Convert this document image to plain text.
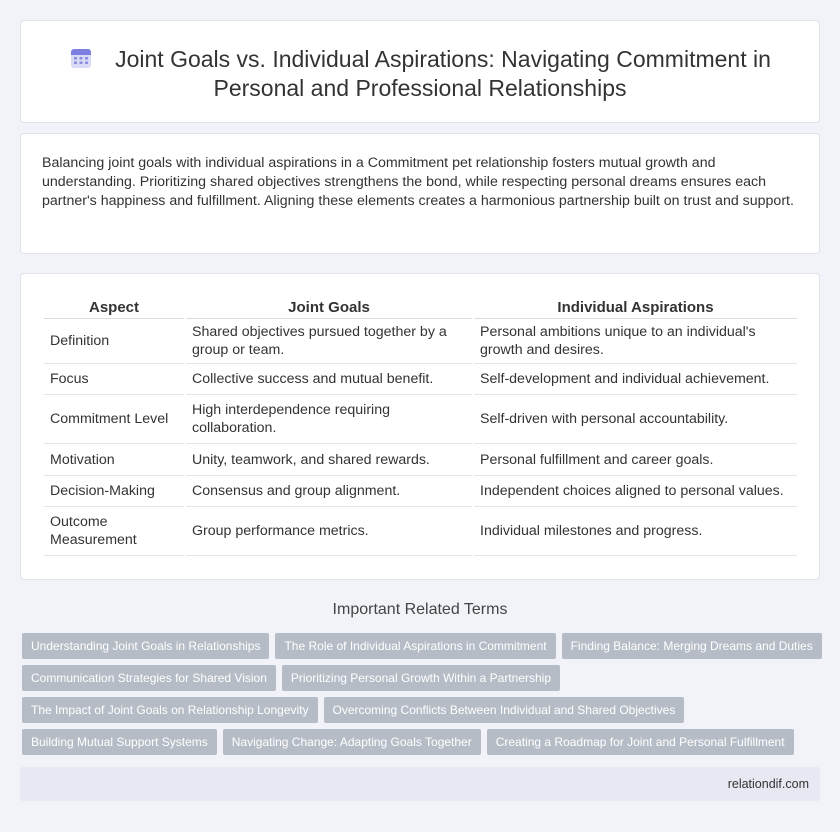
Joint Goals vs. Individual Aspirations: Navigating Commitment in Personal and Professional Relationships

Balancing joint goals with individual aspirations in a Commitment pet relationship fosters mutual growth and understanding. Prioritizing shared objectives strengthens the bond, while respecting personal dreams ensures each partner's happiness and fulfillment. Aligning these elements creates a harmonious partnership built on trust and support.

Aspect	Joint Goals	Individual Aspirations
Definition	Shared objectives pursued together by a group or team.	Personal ambitions unique to an individual's growth and desires.
Focus	Collective success and mutual benefit.	Self-development and individual achievement.
Commitment Level	High interdependence requiring collaboration.	Self-driven with personal accountability.
Motivation	Unity, teamwork, and shared rewards.	Personal fulfillment and career goals.
Decision-Making	Consensus and group alignment.	Independent choices aligned to personal values.
Outcome Measurement	Group performance metrics.	Individual milestones and progress.
Important Related Terms
Understanding Joint Goals in Relationships	The Role of Individual Aspirations in Commitment	Finding Balance: Merging Dreams and Duties
Communication Strategies for Shared Vision	Prioritizing Personal Growth Within a Partnership
The Impact of Joint Goals on Relationship Longevity	Overcoming Conflicts Between Individual and Shared Objectives
Building Mutual Support Systems	Navigating Change: Adapting Goals Together	Creating a Roadmap for Joint and Personal Fulfillment
relationdif.com
